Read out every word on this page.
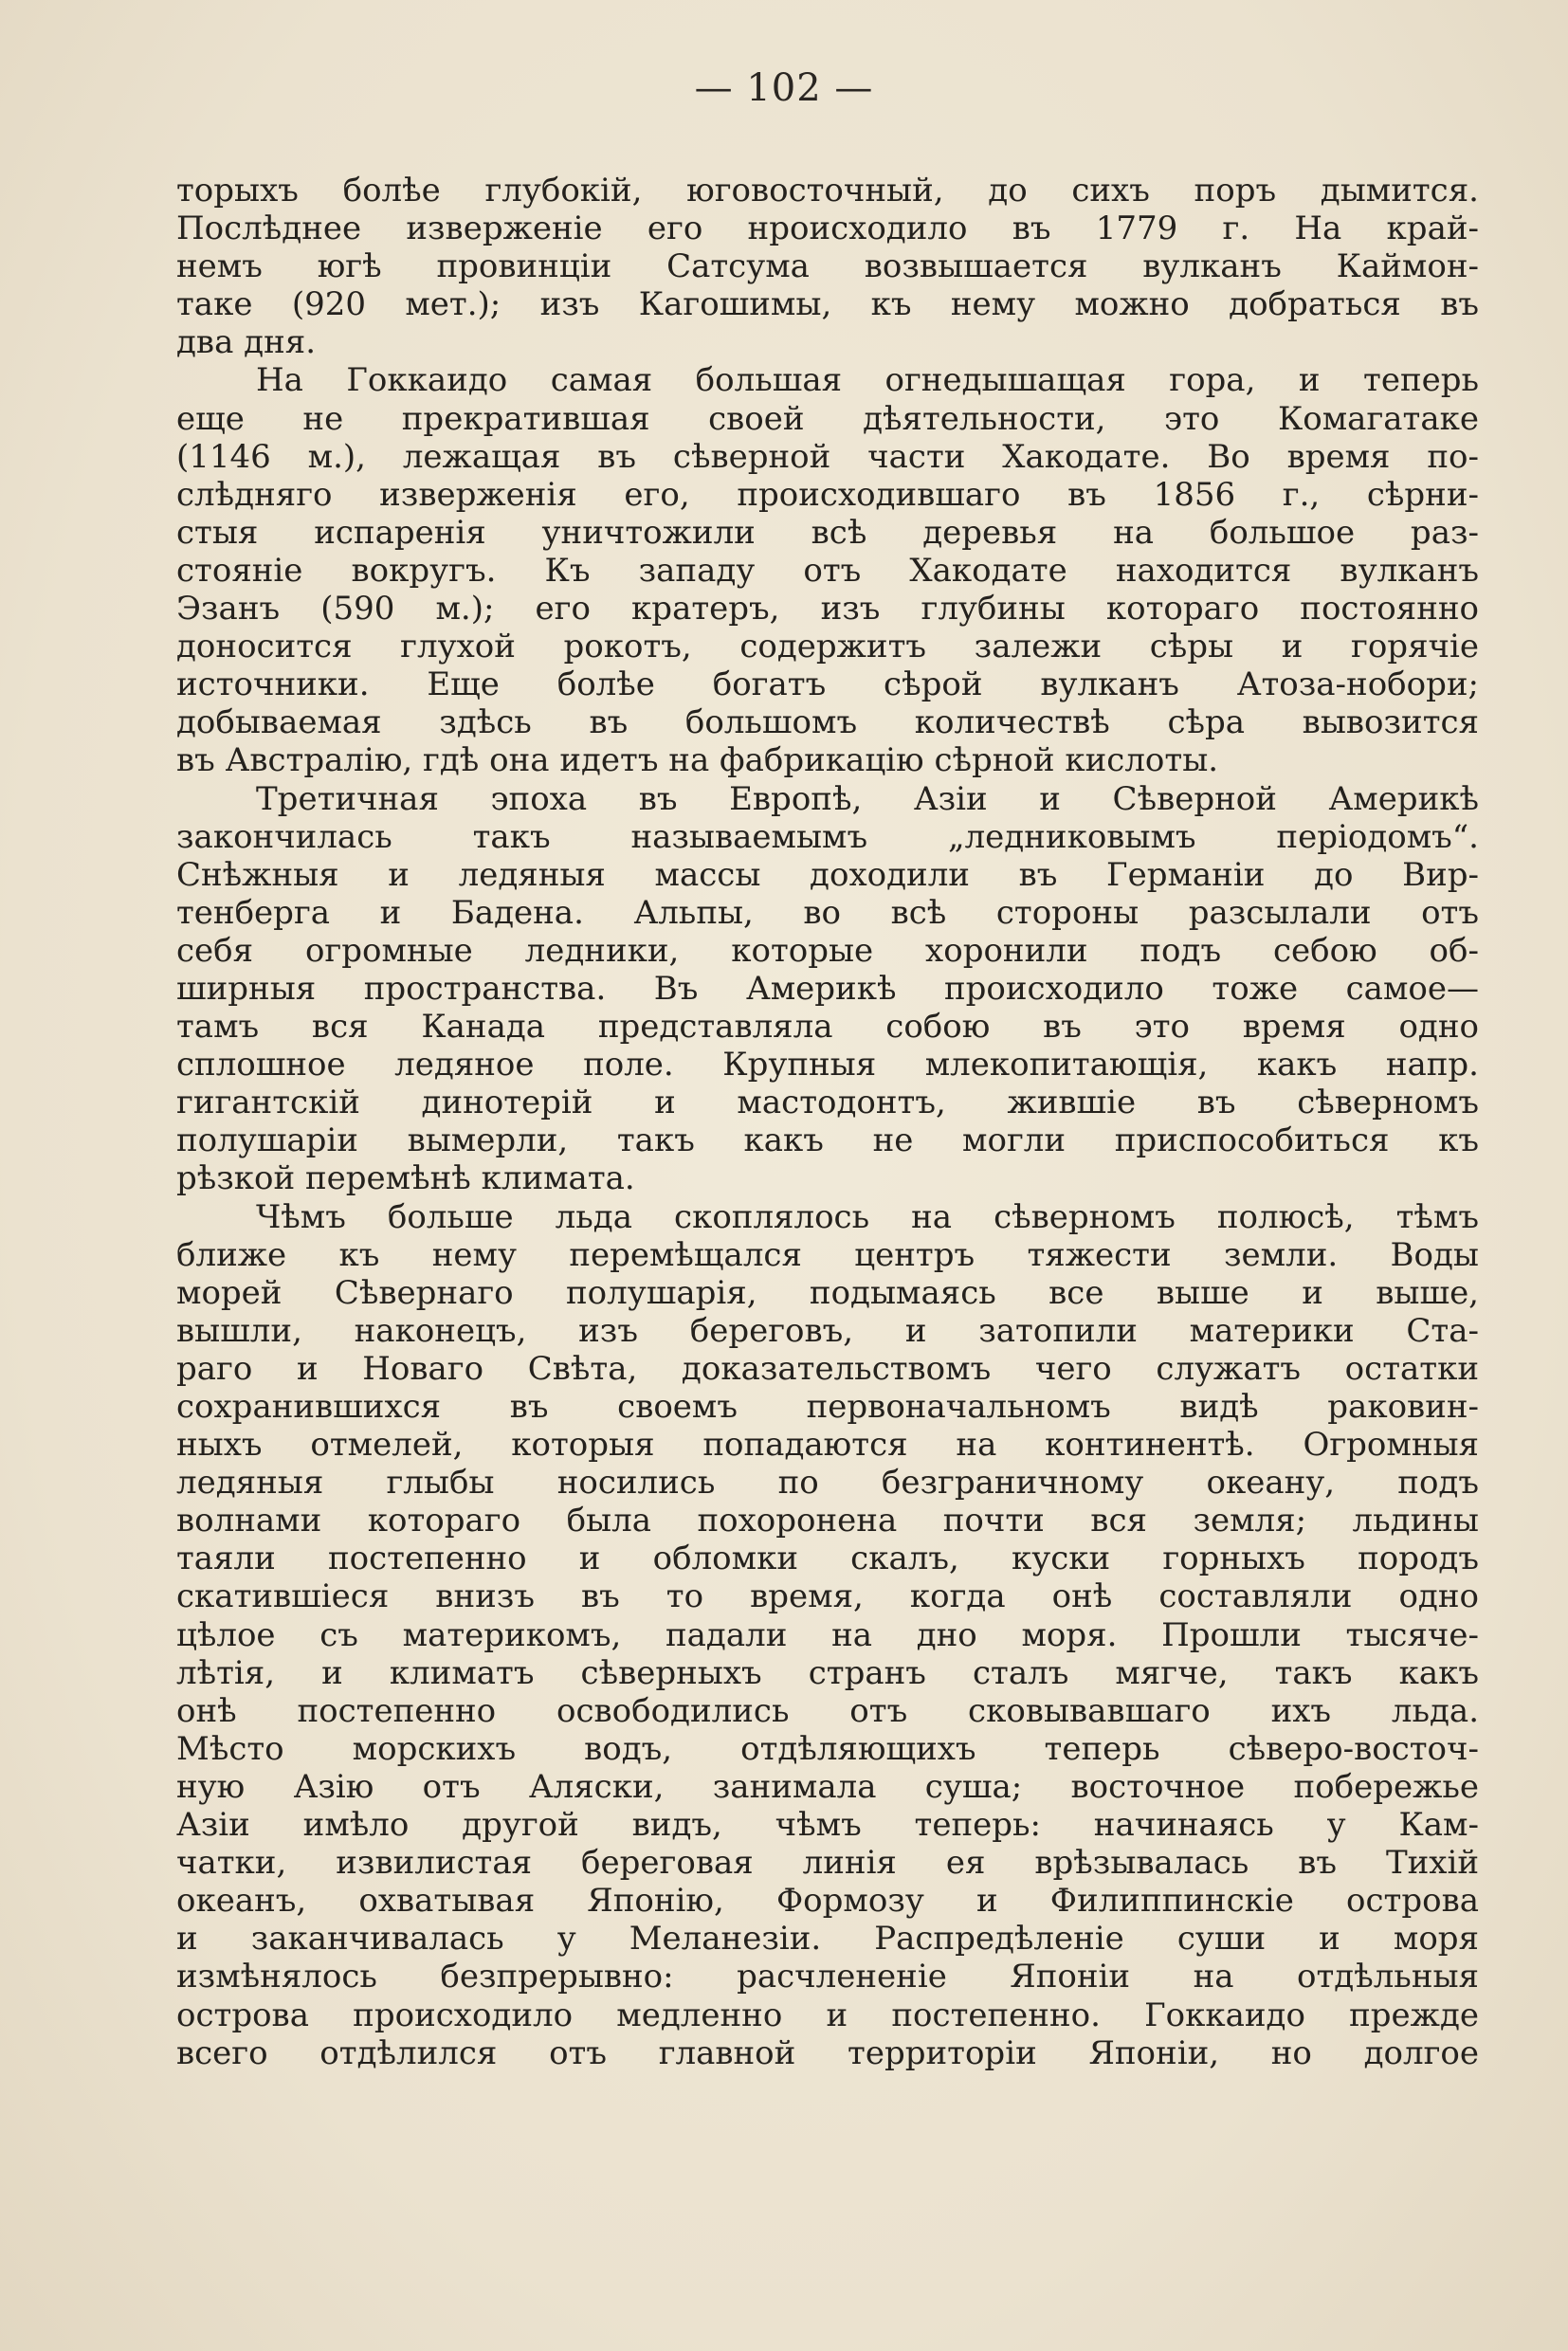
— 102 —
торыхъ болѣе глубокій, юговосточный, до сихъ поръ дымится.
Послѣднее изверженіе его нроисходило въ 1779 г. На край-
немъ югѣ провинціи Сатсума возвышается вулканъ Каймон-
таке (920 мет.); изъ Кагошимы, къ нему можно добраться въ
два дня.
На Гоккаидо самая большая огнедышащая гора, и теперь
еще не прекратившая своей дѣятельности, это Комагатаке
(1146 м.), лежащая въ сѣверной части Хакодате. Во время по-
слѣдняго изверженія его, происходившаго въ 1856 г., сѣрни-
стыя испаренія уничтожили всѣ деревья на большое раз-
стояніе вокругъ. Къ западу отъ Хакодате находится вулканъ
Эзанъ (590 м.); его кратеръ, изъ глубины котораго постоянно
доносится глухой рокотъ, содержитъ залежи сѣры и горячіе
источники. Еще болѣе богатъ сѣрой вулканъ Атоза-нобори;
добываемая здѣсь въ большомъ количествѣ сѣра вывозится
въ Австралію, гдѣ она идетъ на фабрикацію сѣрной кислоты.
Третичная эпоха въ Европѣ, Азіи и Сѣверной Америкѣ
закончилась такъ называемымъ „ледниковымъ періодомъ“.
Снѣжныя и ледяныя массы доходили въ Германіи до Вир-
тенберга и Бадена. Альпы, во всѣ стороны разсылали отъ
себя огромные ледники, которые хоронили подъ себою об-
ширныя пространства. Въ Америкѣ происходило тоже самое—
тамъ вся Канада представляла собою въ это время одно
сплошное ледяное поле. Крупныя млекопитающія, какъ напр.
гигантскій динотерій и мастодонтъ, жившіе въ сѣверномъ
полушаріи вымерли, такъ какъ не могли приспособиться къ
рѣзкой перемѣнѣ климата.
Чѣмъ больше льда скоплялось на сѣверномъ полюсѣ, тѣмъ
ближе къ нему перемѣщался центръ тяжести земли. Воды
морей Сѣвернаго полушарія, подымаясь все выше и выше,
вышли, наконецъ, изъ береговъ, и затопили материки Ста-
раго и Новаго Свѣта, доказательствомъ чего служатъ остатки
сохранившихся въ своемъ первоначальномъ видѣ раковин-
ныхъ отмелей, которыя попадаются на континентѣ. Огромныя
ледяныя глыбы носились по безграничному океану, подъ
волнами котораго была похоронена почти вся земля; льдины
таяли постепенно и обломки скалъ, куски горныхъ породъ
скатившіеся внизъ въ то время, когда онѣ составляли одно
цѣлое съ материкомъ, падали на дно моря. Прошли тысяче-
лѣтія, и климатъ сѣверныхъ странъ сталъ мягче, такъ какъ
онѣ постепенно освободились отъ сковывавшаго ихъ льда.
Мѣсто морскихъ водъ, отдѣляющихъ теперь сѣверо-восточ-
ную Азію отъ Аляски, занимала суша; восточное побережье
Азіи имѣло другой видъ, чѣмъ теперь: начинаясь у Кам-
чатки, извилистая береговая линія ея врѣзывалась въ Тихій
океанъ, охватывая Японію, Формозу и Филиппинскіе острова
и заканчивалась у Меланезіи. Распредѣленіе суши и моря
измѣнялось безпрерывно: расчлененіе Японіи на отдѣльныя
острова происходило медленно и постепенно. Гоккаидо прежде
всего отдѣлился отъ главной территоріи Японіи, но долгое
